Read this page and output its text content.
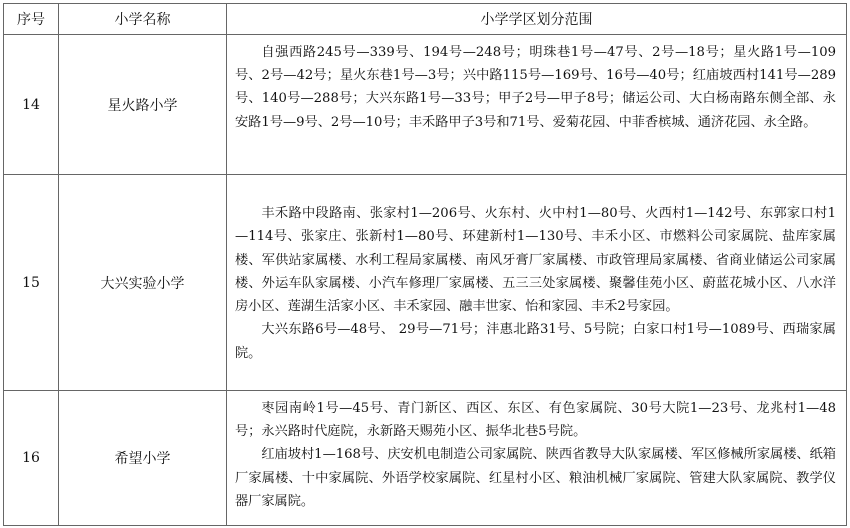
序号	小学名称	小学学区划分范围
14	星火路小学	自强西路245号—339号、194号—248号；明珠巷1号—47号、2号—18号；星火路1号—109号、2号—42号；星火东巷1号—3号；兴中路115号—169号、16号—40号；红庙坡西村141号—289号、140号—288号；大兴东路1号—33号；甲子2号—甲子8号；储运公司、大白杨南路东侧全部、永安路1号—9号、2号—10号；丰禾路甲子3号和71号、爱菊花园、中菲香槟城、通济花园、永全路。

15	大兴实验小学	丰禾路中段路南、张家村1—206号、火东村、火中村1—80号、火西村1—142号、东郭家口村1—114号、张家庄、张新村1—80号、环建新村1—130号、丰禾小区、市燃料公司家属院、盐库家属楼、军供站家属楼、水利工程局家属楼、南风牙膏厂家属楼、市政管理局家属楼、省商业储运公司家属楼、外运车队家属楼、小汽车修理厂家属楼、五三三处家属楼、聚馨佳苑小区、蔚蓝花城小区、八水洋房小区、莲湖生活家小区、丰禾家园、融丰世家、怡和家园、丰禾2号家园。

大兴东路6号—48号、 29号—71号；沣惠北路31号、5号院；白家口村1号—1089号、西瑞家属院。

16	希望小学	枣园南岭1号—45号、青门新区、西区、东区、有色家属院、30号大院1—23号、龙兆村1—48号；永兴路时代庭院，永新路天赐苑小区、振华北巷5号院。

红庙坡村1—168号、庆安机电制造公司家属院、陕西省教导大队家属楼、军区修械所家属楼、纸箱厂家属楼、十中家属院、外语学校家属院、红星村小区、粮油机械厂家属院、管建大队家属院、教学仪器厂家属院。
